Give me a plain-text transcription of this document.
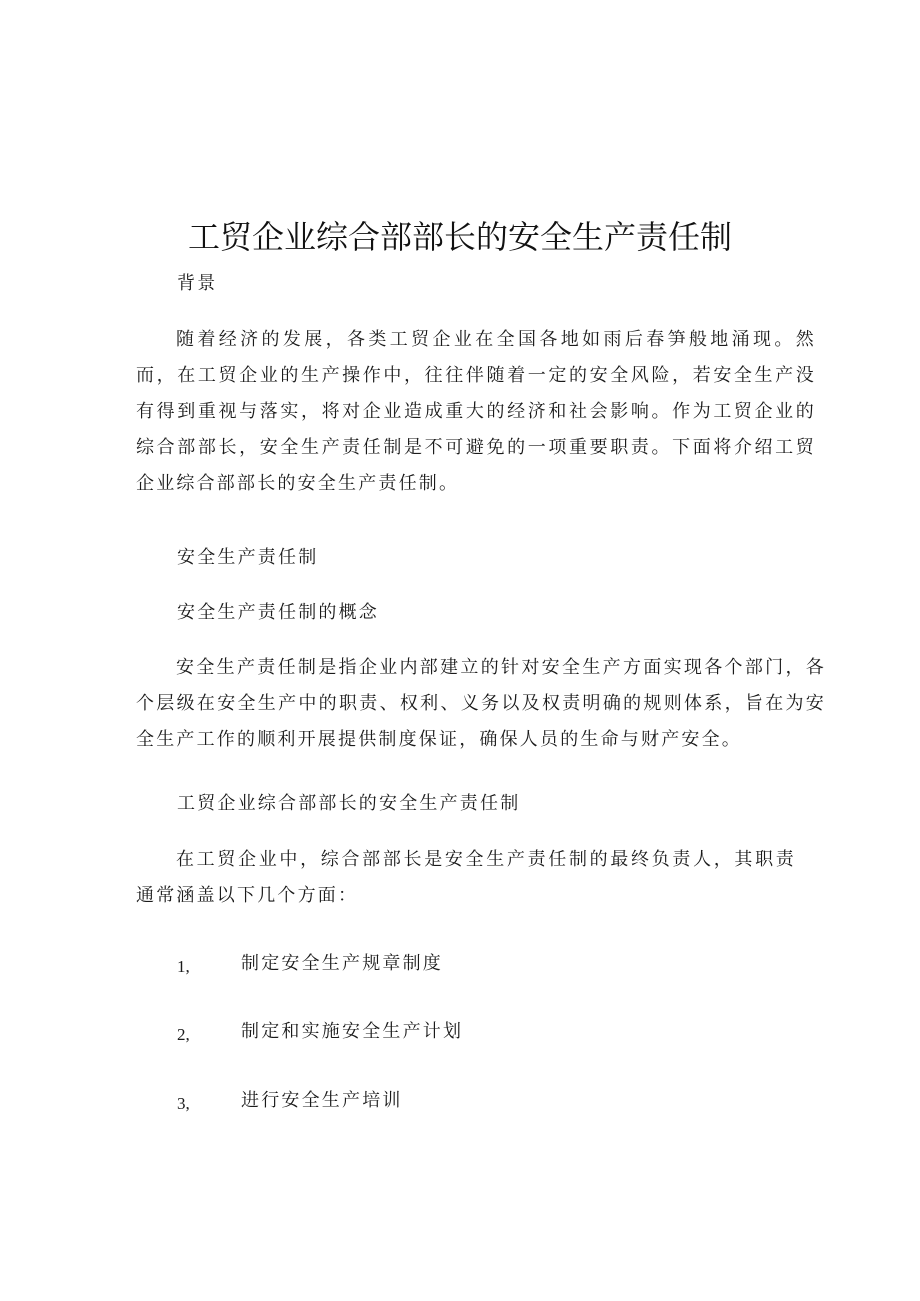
工贸企业综合部部长的安全生产责任制

背景

随着经济的发展，各类工贸企业在全国各地如雨后春笋般地涌现。然而，在工贸企业的生产操作中，往往伴随着一定的安全风险，若安全生产没有得到重视与落实，将对企业造成重大的经济和社会影响。作为工贸企业的综合部部长，安全生产责任制是不可避免的一项重要职责。下面将介绍工贸企业综合部部长的安全生产责任制。

安全生产责任制

安全生产责任制的概念

安全生产责任制是指企业内部建立的针对安全生产方面实现各个部门，各个层级在安全生产中的职责、权利、义务以及权责明确的规则体系，旨在为安全生产工作的顺利开展提供制度保证，确保人员的生命与财产安全。

工贸企业综合部部长的安全生产责任制

在工贸企业中，综合部部长是安全生产责任制的最终负责人，其职责通常涵盖以下几个方面：

1,	制定安全生产规章制度
2,	制定和实施安全生产计划
3,	进行安全生产培训
